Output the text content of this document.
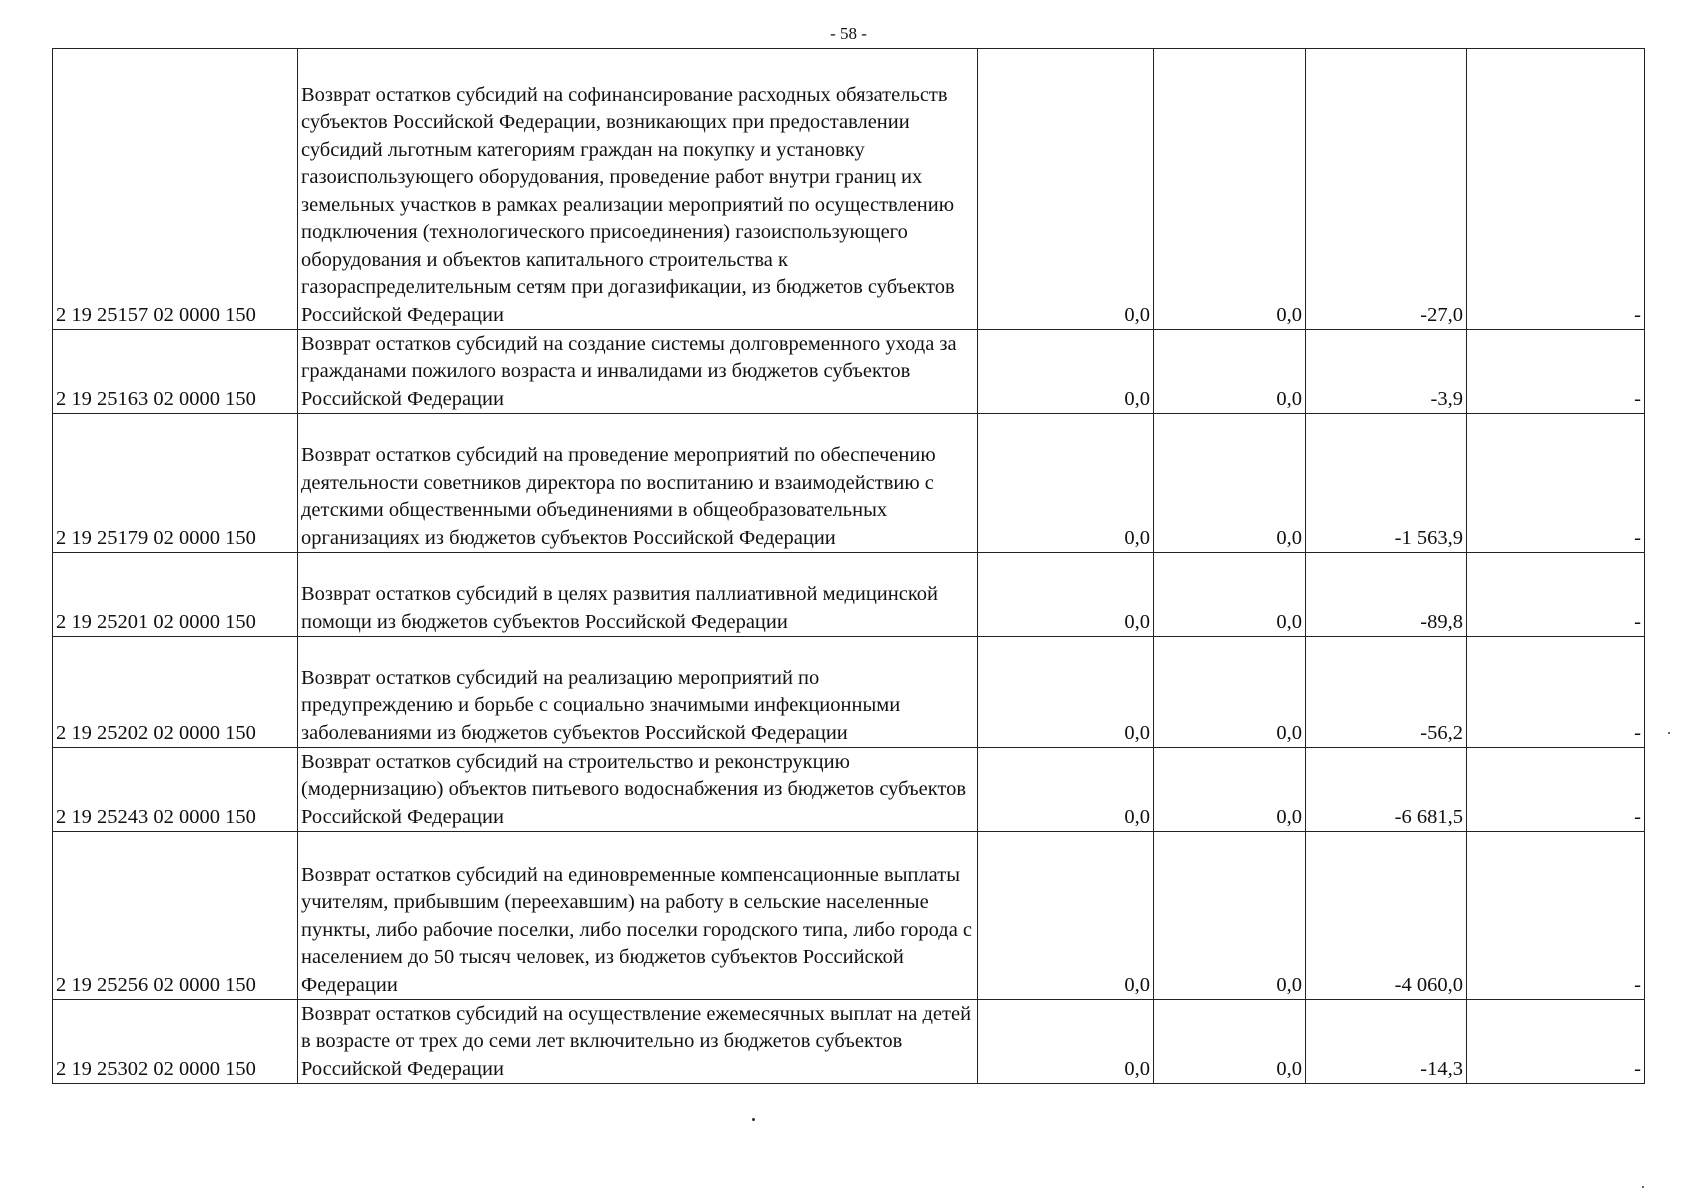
- 58 -
2 19 25157 02 0000 150	Возврат остатков субсидий на софинансирование расходных обязательств субъектов Российской Федерации, возникающих при предоставлении субсидий льготным категориям граждан на покупку и установку газоиспользующего оборудования, проведение работ внутри границ их земельных участков в рамках реализации мероприятий по осуществлению подключения (технологического присоединения) газоиспользующего оборудования и объектов капитального строительства к газораспределительным сетям при догазификации, из бюджетов субъектов Российской Федерации	0,0	0,0	-27,0	-
2 19 25163 02 0000 150	Возврат остатков субсидий на создание системы долговременного ухода за гражданами пожилого возраста и инвалидами из бюджетов субъектов Российской Федерации	0,0	0,0	-3,9	-
2 19 25179 02 0000 150	Возврат остатков субсидий на проведение мероприятий по обеспечению деятельности советников директора по воспитанию и взаимодействию с детскими общественными объединениями в общеобразовательных организациях из бюджетов субъектов Российской Федерации	0,0	0,0	-1 563,9	-
2 19 25201 02 0000 150	Возврат остатков субсидий в целях развития паллиативной медицинской помощи из бюджетов субъектов Российской Федерации	0,0	0,0	-89,8	-
2 19 25202 02 0000 150	Возврат остатков субсидий на реализацию мероприятий по предупреждению и борьбе с социально значимыми инфекционными заболеваниями из бюджетов субъектов Российской Федерации	0,0	0,0	-56,2	-
2 19 25243 02 0000 150	Возврат остатков субсидий на строительство и реконструкцию (модернизацию) объектов питьевого водоснабжения из бюджетов субъектов Российской Федерации	0,0	0,0	-6 681,5	-
2 19 25256 02 0000 150	Возврат остатков субсидий на единовременные компенсационные выплаты учителям, прибывшим (переехавшим) на работу в сельские населенные пункты, либо рабочие поселки, либо поселки городского типа, либо города с населением до 50 тысяч человек, из бюджетов субъектов Российской Федерации	0,0	0,0	-4 060,0	-
2 19 25302 02 0000 150	Возврат остатков субсидий на осуществление ежемесячных выплат на детей в возрасте от трех до семи лет включительно из бюджетов субъектов Российской Федерации	0,0	0,0	-14,3	-
